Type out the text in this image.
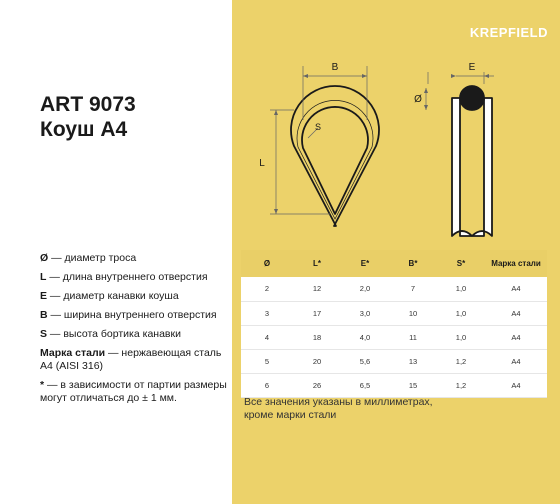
KREPFIELD
ART 9073
Коуш А4
Ø — диаметр троса
L — длина внутреннего отверстия
E — диаметр канавки коуша
B — ширина внутреннего отверстия
S — высота бортика канавки
Марка стали — нержавеющая сталь А4 (AISI 316)
* — в зависимости от партии размеры могут отличаться до ± 1 мм.
B
L
S
E
Ø
Ø	L*	E*	B*	S*	Марка стали
2	12	2,0	7	1,0	А4
3	17	3,0	10	1,0	А4
4	18	4,0	11	1,0	А4
5	20	5,6	13	1,2	А4
6	26	6,5	15	1,2	А4
Все значения указаны в миллиметрах,
кроме марки стали
